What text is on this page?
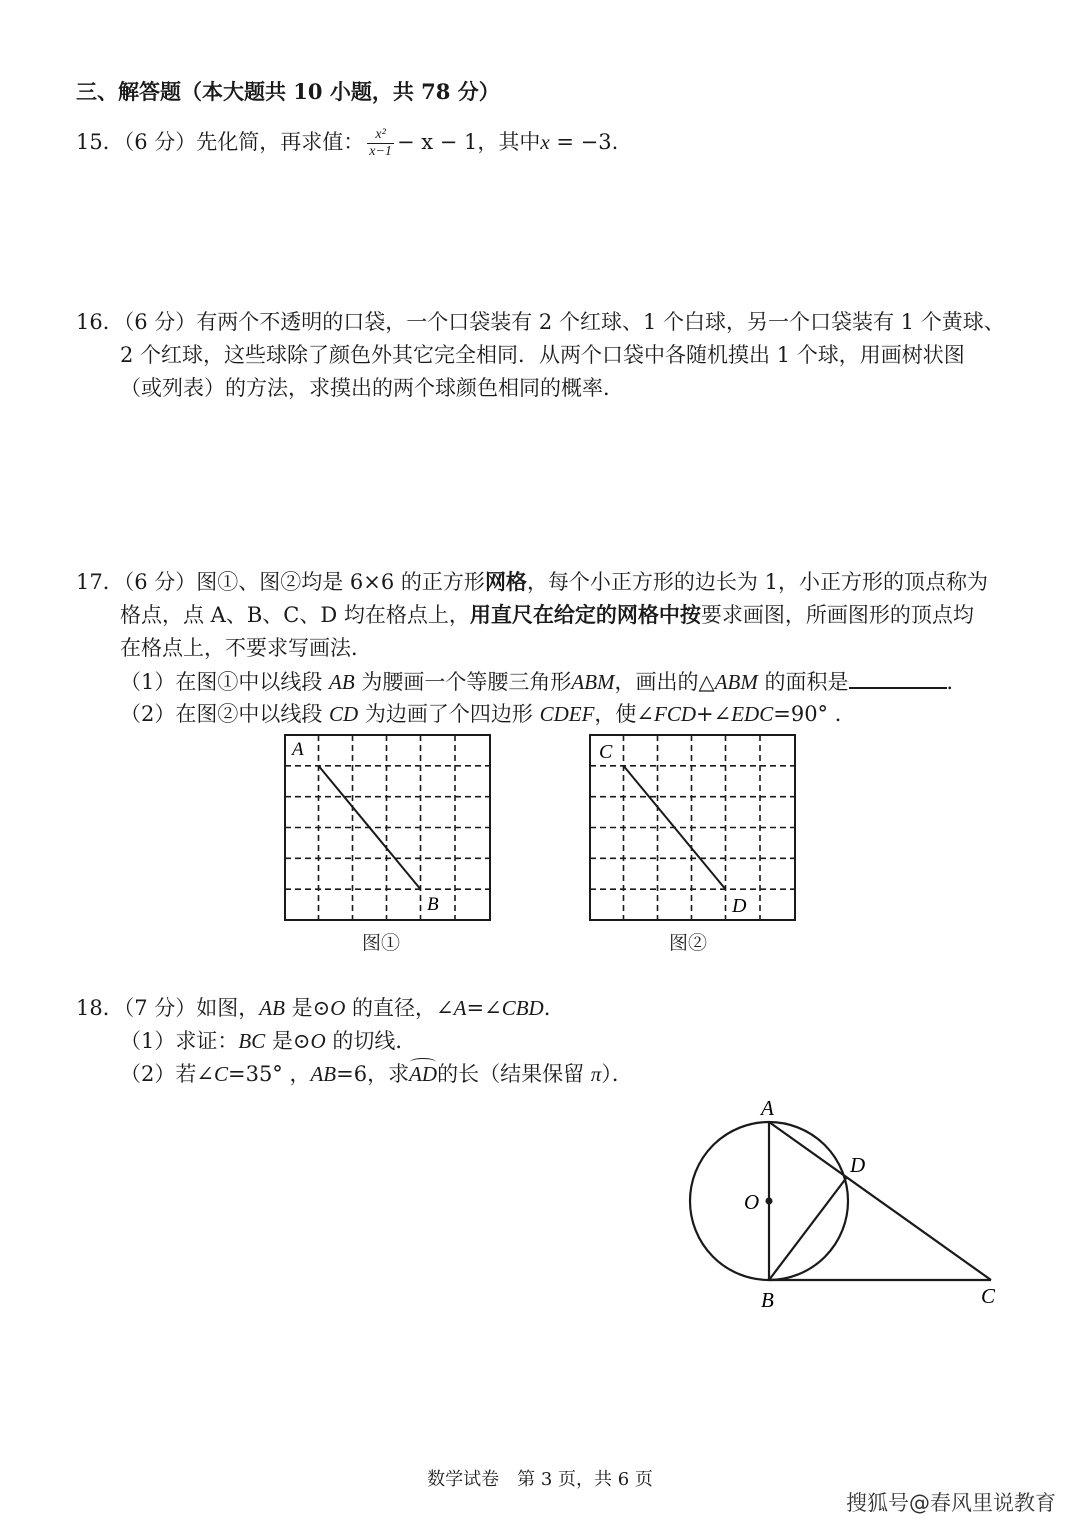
三、解答题（本大题共 10 小题，共 78 分）
15．（6 分）先化简，再求值： $\frac{\text{x²}}{x-1} - x - 1$，其中x = −3.
16．（6 分）有两个不透明的口袋，一个口袋装有 2 个红球、1 个白球，另一个口袋装有 1 个黄球、
2 个红球，这些球除了颜色外其它完全相同．从两个口袋中各随机摸出 1 个球，用画树状图
（或列表）的方法，求摸出的两个球颜色相同的概率．
17．（6 分）图①、图②均是 6×6 的正方形网格，每个小正方形的边长为 1，小正方形的顶点称为
格点，点 A、B、C、D 均在格点上，用直尺在给定的网格中按要求画图，所画图形的顶点均
在格点上，不要求写画法．
（1）在图①中以线段 AB 为腰画一个等腰三角形ABM，画出的△ABM 的面积是	．
（2）在图②中以线段 CD 为边画了个四边形 CDEF，使∠FCD+∠EDC=90° ．
A
B
图①
C
D
图②
18．（7 分）如图，AB 是⊙O 的直径，∠A=∠CBD.
（1）求证：BC 是⊙O 的切线．
（2）若∠C=35° ，AB=6，求AD的长（结果保留 π）．
A
D
O
B	C
数学试卷　第 3 页，共 6 页
搜狐号@春风里说教育
